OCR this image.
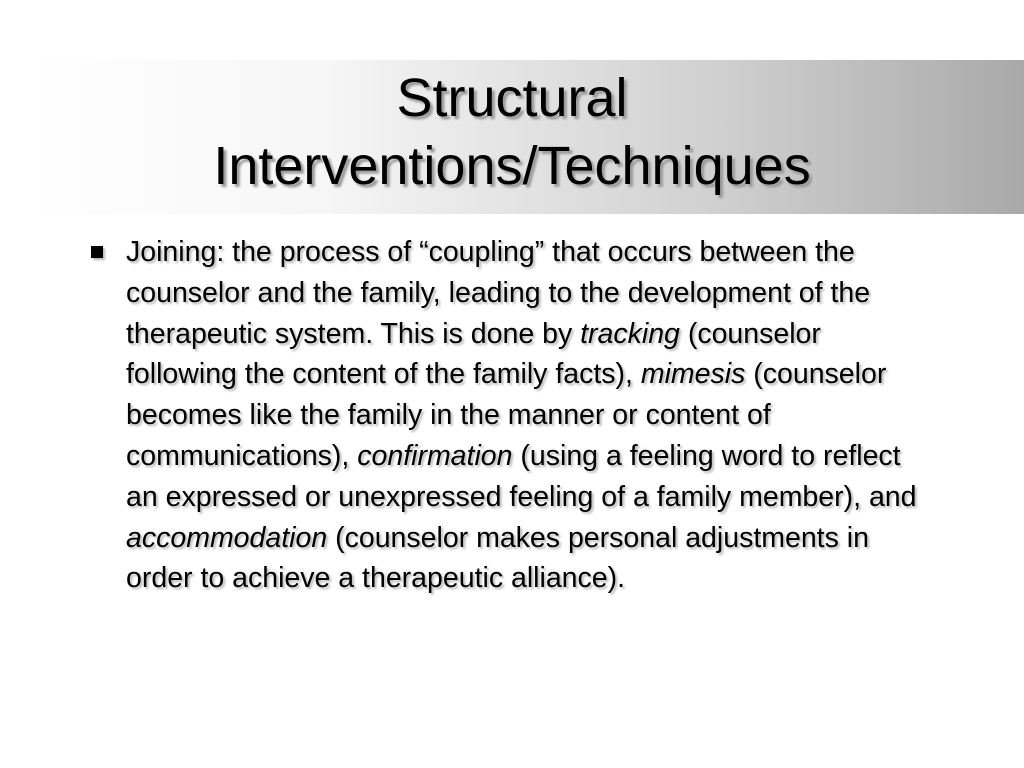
Structural
Interventions/Techniques
Joining: the process of “coupling” that occurs between the counselor and the family, leading to the development of the therapeutic system. This is done by tracking (counselor following the content of the family facts), mimesis (counselor becomes like the family in the manner or content of communications), confirmation (using a feeling word to reflect an expressed or unexpressed feeling of a family member), and accommodation (counselor makes personal adjustments in order to achieve a therapeutic alliance).
